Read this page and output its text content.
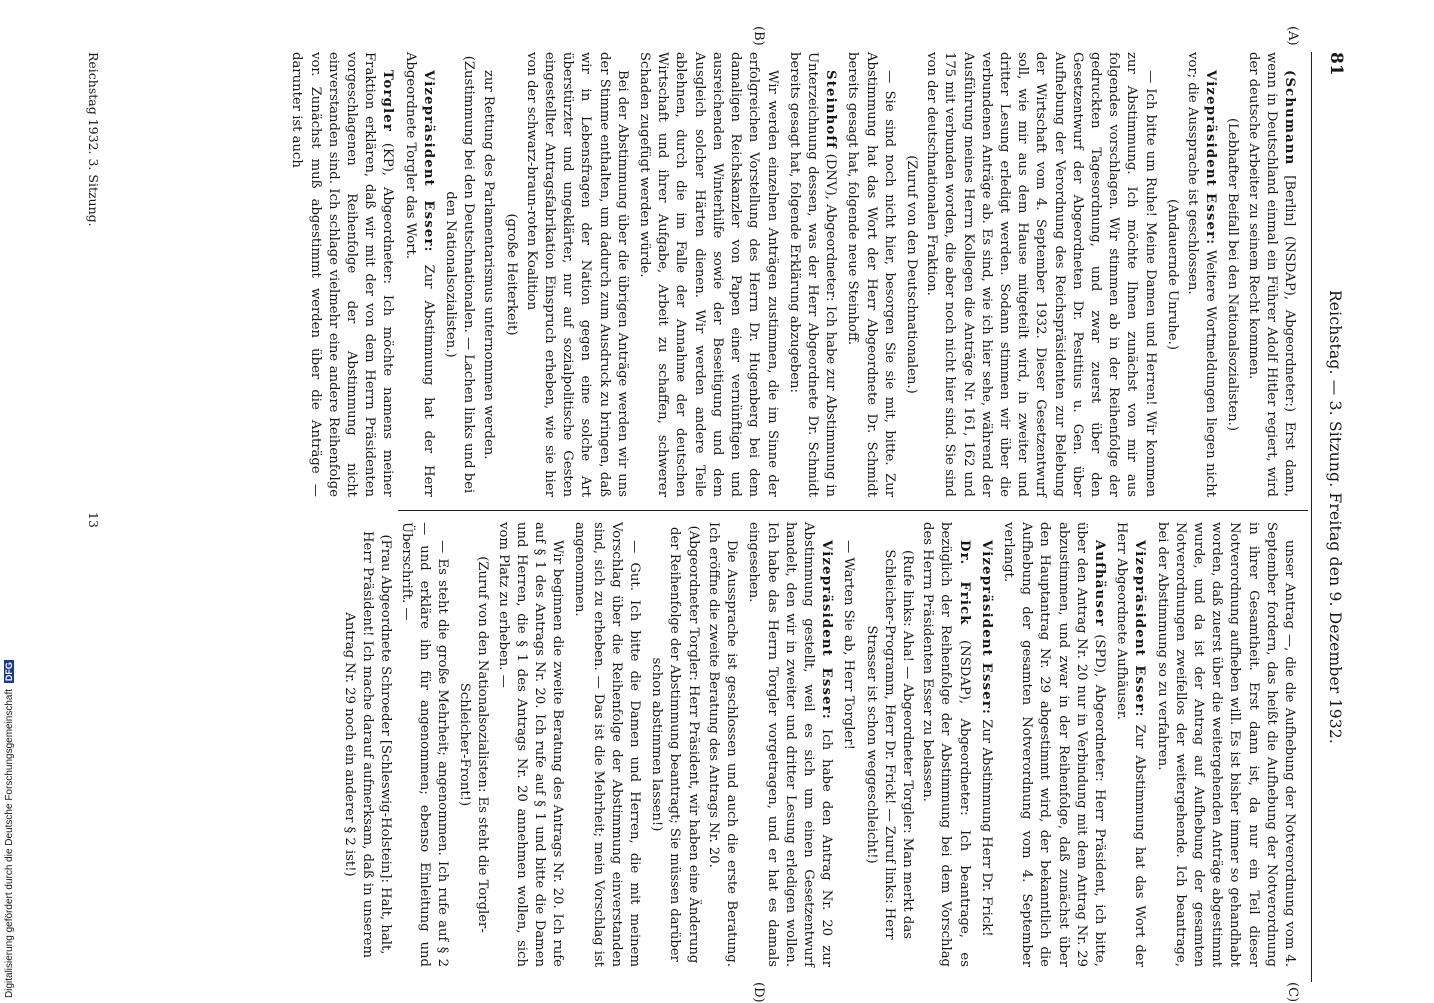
81
Reichstag. — 3. Sitzung. Freitag den 9. Dezember 1932.
(A)
(B)
(C)
(D)

(Schumann [Berlin] (NSDAP), Abgeordneter:) Erst dann, wenn in Deutschland einmal ein Führer Adolf Hitler regiert, wird der deutsche Arbeiter zu seinem Recht kommen.

(Lebhafter Beifall bei den Nationalsozialisten.)

Vizepräsident Esser: Weitere Wortmeldungen liegen nicht vor; die Aussprache ist geschlossen.

(Andauernde Unruhe.)

— Ich bitte um Ruhe! Meine Damen und Herren! Wir kommen zur Abstimmung. Ich möchte Ihnen zunächst von mir aus folgendes vorschlagen. Wir stimmen ab in der Reihenfolge der gedruckten Tagesordnung, und zwar zuerst über den Gesetzentwurf der Abgeordneten Dr. Pestitius u. Gen. über Aufhebung der Verordnung des Reichspräsidenten zur Belebung der Wirtschaft vom 4. September 1932. Dieser Gesetzentwurf soll, wie mir aus dem Hause mitgeteilt wird, in zweiter und dritter Lesung erledigt werden. Sodann stimmen wir über die verbundenen Anträge ab. Es sind, wie ich hier sehe, während der Ausführung meines Herrn Kollegen die Anträge Nr. 161, 162 und 175 mit verbunden worden, die aber noch nicht hier sind. Sie sind von der deutschnationalen Fraktion.

(Zuruf von den Deutschnationalen.)

— Sie sind noch nicht hier, besorgen Sie sie mit, bitte. Zur Abstimmung hat das Wort der Herr Abgeordnete Dr. Schmidt bereits gesagt hat, folgende neue Steinhoff.

Steinhoff (DNV), Abgeordneter: Ich habe zur Abstimmung in Unterzeichnung dessen, was der Herr Abgeordnete Dr. Schmidt bereits gesagt hat, folgende Erklärung abzugeben:

Wir werden einzelnen Anträgen zustimmen, die im Sinne der erfolgreichen Vorstellung des Herrn Dr. Hugenberg bei dem damaligen Reichskanzler von Papen einer vernünftigen und ausreichenden Winterhilfe sowie der Beseitigung und dem Ausgleich solcher Härten dienen. Wir werden andere Teile ablehnen, durch die im Falle der Annahme der deutschen Wirtschaft und ihrer Aufgabe, Arbeit zu schaffen, schwerer Schaden zugefügt werden würde.

Bei der Abstimmung über die übrigen Anträge werden wir uns der Stimme enthalten, um dadurch zum Ausdruck zu bringen, daß wir in Lebensfragen der Nation gegen eine solche Art überstürzter und ungeklärter, nur auf sozialpolitische Gesten eingestellter Antragsfabrikation Einspruch erheben, wie sie hier von der schwarz-braun-roten Koalition

(große Heiterkeit)

zur Rettung des Parlamentarismus unternommen werden.

(Zustimmung bei den Deutschnationalen. — Lachen links und bei den Nationalsozialisten.)

Vizepräsident Esser: Zur Abstimmung hat der Herr Abgeordnete Torgler das Wort.

Torgler (KP), Abgeordneter: Ich möchte namens meiner Fraktion erklären, daß wir mit der von dem Herrn Präsidenten vorgeschlagenen Reihenfolge der Abstimmung nicht einverstanden sind. Ich schlage vielmehr eine andere Reihenfolge vor. Zunächst muß abgestimmt werden über die Anträge — darunter ist auch

unser Antrag —, die die Aufhebung der Notverordnung vom 4. September fordern, das heißt die Aufhebung der Notverordnung in ihrer Gesamtheit. Erst dann ist, da nur ein Teil dieser Notverordnung aufheben will. Es ist bisher immer so gehandhabt worden, daß zuerst über die weitergehenden Anträge abgestimmt wurde, und da ist der Antrag auf Aufhebung der gesamten Notverordnungen zweifellos der weitergehende. Ich beantrage, bei der Abstimmung so zu verfahren.

Vizepräsident Esser: Zur Abstimmung hat das Wort der Herr Abgeordnete Aufhäuser.

Aufhäuser (SPD), Abgeordneter: Herr Präsident, ich bitte, über den Antrag Nr. 20 nur in Verbindung mit dem Antrag Nr. 29 abzustimmen, und zwar in der Reihenfolge, daß zunächst über den Hauptantrag Nr. 29 abgestimmt wird, der bekanntlich die Aufhebung der gesamten Notverordnung vom 4. September verlangt.

Vizepräsident Esser: Zur Abstimmung Herr Dr. Frick!

Dr. Frick (NSDAP), Abgeordneter: Ich beantrage, es bezüglich der Reihenfolge der Abstimmung bei dem Vorschlag des Herrn Präsidenten Esser zu belassen.

(Rufe links: Aha! — Abgeordneter Torgler: Man merkt das Schleicher-Programm, Herr Dr. Frick! — Zuruf links: Herr Strasser ist schon weggeschleicht!)

— Warten Sie ab, Herr Torgler!

Vizepräsident Esser: Ich habe den Antrag Nr. 20 zur Abstimmung gestellt, weil es sich um einen Gesetzentwurf handelt, den wir in zweiter und dritter Lesung erledigen wollen. Ich habe das Herrn Torgler vorgetragen, und er hat es damals eingesehen.

Die Aussprache ist geschlossen und auch die erste Beratung. Ich eröffne die zweite Beratung des Antrags Nr. 20.

(Abgeordneter Torgler: Herr Präsident, wir haben eine Änderung der Reihenfolge der Abstimmung beantragt; Sie müssen darüber schon abstimmen lassen!)

— Gut. Ich bitte die Damen und Herren, die mit meinem Vorschlag über die Reihenfolge der Abstimmung einverstanden sind, sich zu erheben. — Das ist die Mehrheit; mein Vorschlag ist angenommen.

Wir beginnen die zweite Beratung des Antrags Nr. 20. Ich rufe auf § 1 des Antrags Nr. 20. Ich rufe auf § 1 und bitte die Damen und Herren, die § 1 des Antrags Nr. 20 annehmen wollen, sich vom Platz zu erheben. —

(Zuruf von den Nationalsozialisten: Es steht die Torgler-Schleicher-Front!)

— Es steht die große Mehrheit; angenommen. Ich rufe auf § 2 — und erkläre ihn für angenommen; ebenso Einleitung und Überschrift. —

(Frau Abgeordnete Schroeder [Schleswig-Holstein]: Halt, halt, Herr Präsident! Ich mache darauf aufmerksam, daß in unserem Antrag Nr. 29 noch ein anderer § 2 ist!)

Reichstag 1932. 3. Sitzung.
13
Digitalisierung gefördert durch die Deutsche Forschungsgemeinschaft DFG
